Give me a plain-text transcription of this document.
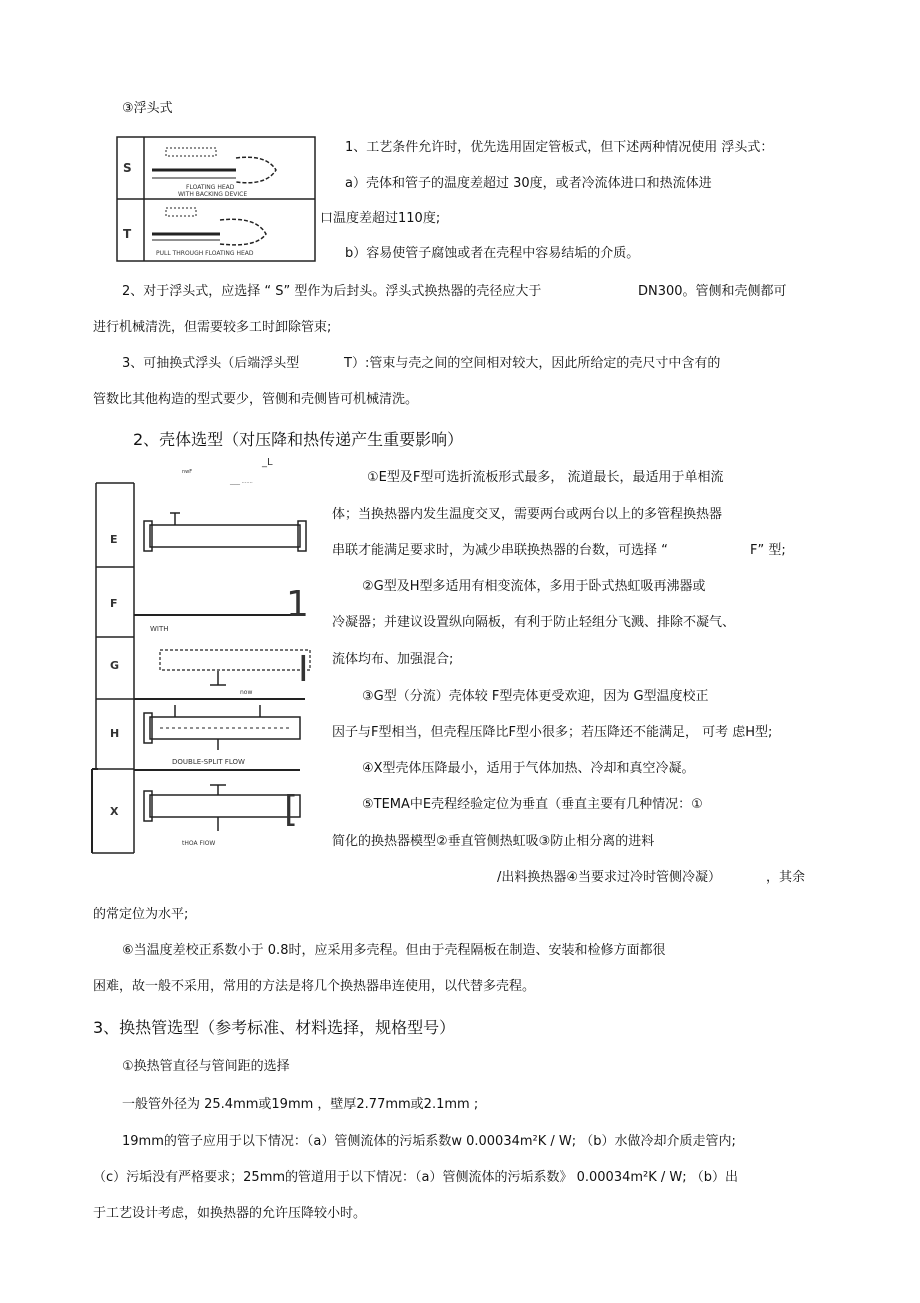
③浮头式
S
T
FLOATING HEAD
WITH BACKING DEVICE
PULL THROUGH FLOATING HEAD
1、工艺条件允许时，优先选用固定管板式，但下述两种情况使用 浮头式：
a）壳体和管子的温度差超过 30度，或者冷流体进口和热流体进
口温度差超过110度;
b）容易使管子腐蚀或者在壳程中容易结垢的介质。
2、对于浮头式，应选择 “ S” 型作为后封头。浮头式换热器的壳径应大于	DN300。管侧和壳侧都可
进行机械清洗，但需要较多工时卸除管束;
3、可抽换式浮头（后端浮头型	T）:管束与壳之间的空间相对较大，因此所给定的壳尺寸中含有的
管数比其他构造的型式要少，管侧和壳侧皆可机械清洗。
2、壳体选型（对压降和热传递产生重要影响）
E
F
G
H
X
WITH
now
DOUBLE-SPLIT FLOW
tHOA FIOW
nwF
_L
____ .......
1
I
[
①E型及F型可选折流板形式最多， 流道最长，最适用于单相流
体；当换热器内发生温度交叉，需要两台或两台以上的多管程换热器
串联才能满足要求时，为减少串联换热器的台数，可选择 “	F” 型;
②G型及H型多适用有相变流体，多用于卧式热虹吸再沸器或
冷凝器；并建议设置纵向隔板，有利于防止轻组分飞溅、排除不凝气、
流体均布、加强混合;
③G型（分流）壳体较 F型壳体更受欢迎，因为 G型温度校正
因子与F型相当，但壳程压降比F型小很多；若压降还不能满足， 可考 虑H型;
④X型壳体压降最小，适用于气体加热、冷却和真空冷凝。
⑤TEMA中E壳程经验定位为垂直（垂直主要有几种情况：①
简化的换热器模型②垂直管侧热虹吸③防止相分离的进料
/出料换热器④当要求过冷时管侧冷凝）	，其余
的常定位为水平;
⑥当温度差校正系数小于 0.8时，应采用多壳程。但由于壳程隔板在制造、安装和检修方面都很
困难，故一般不采用，常用的方法是将几个换热器串连使用，以代替多壳程。
3、换热管选型（参考标准、材料选择，规格型号）
①换热管直径与管间距的选择
一般管外径为 25.4mm或19mm ，壁厚2.77mm或2.1mm ;
19mm的管子应用于以下情况：（a）管侧流体的污垢系数w 0.00034m²K / W; （b）水做冷却介质走管内;
（c）污垢没有严格要求；25mm的管道用于以下情况：（a）管侧流体的污垢系数》 0.00034m²K / W; （b）出
于工艺设计考虑，如换热器的允许压降较小时。
